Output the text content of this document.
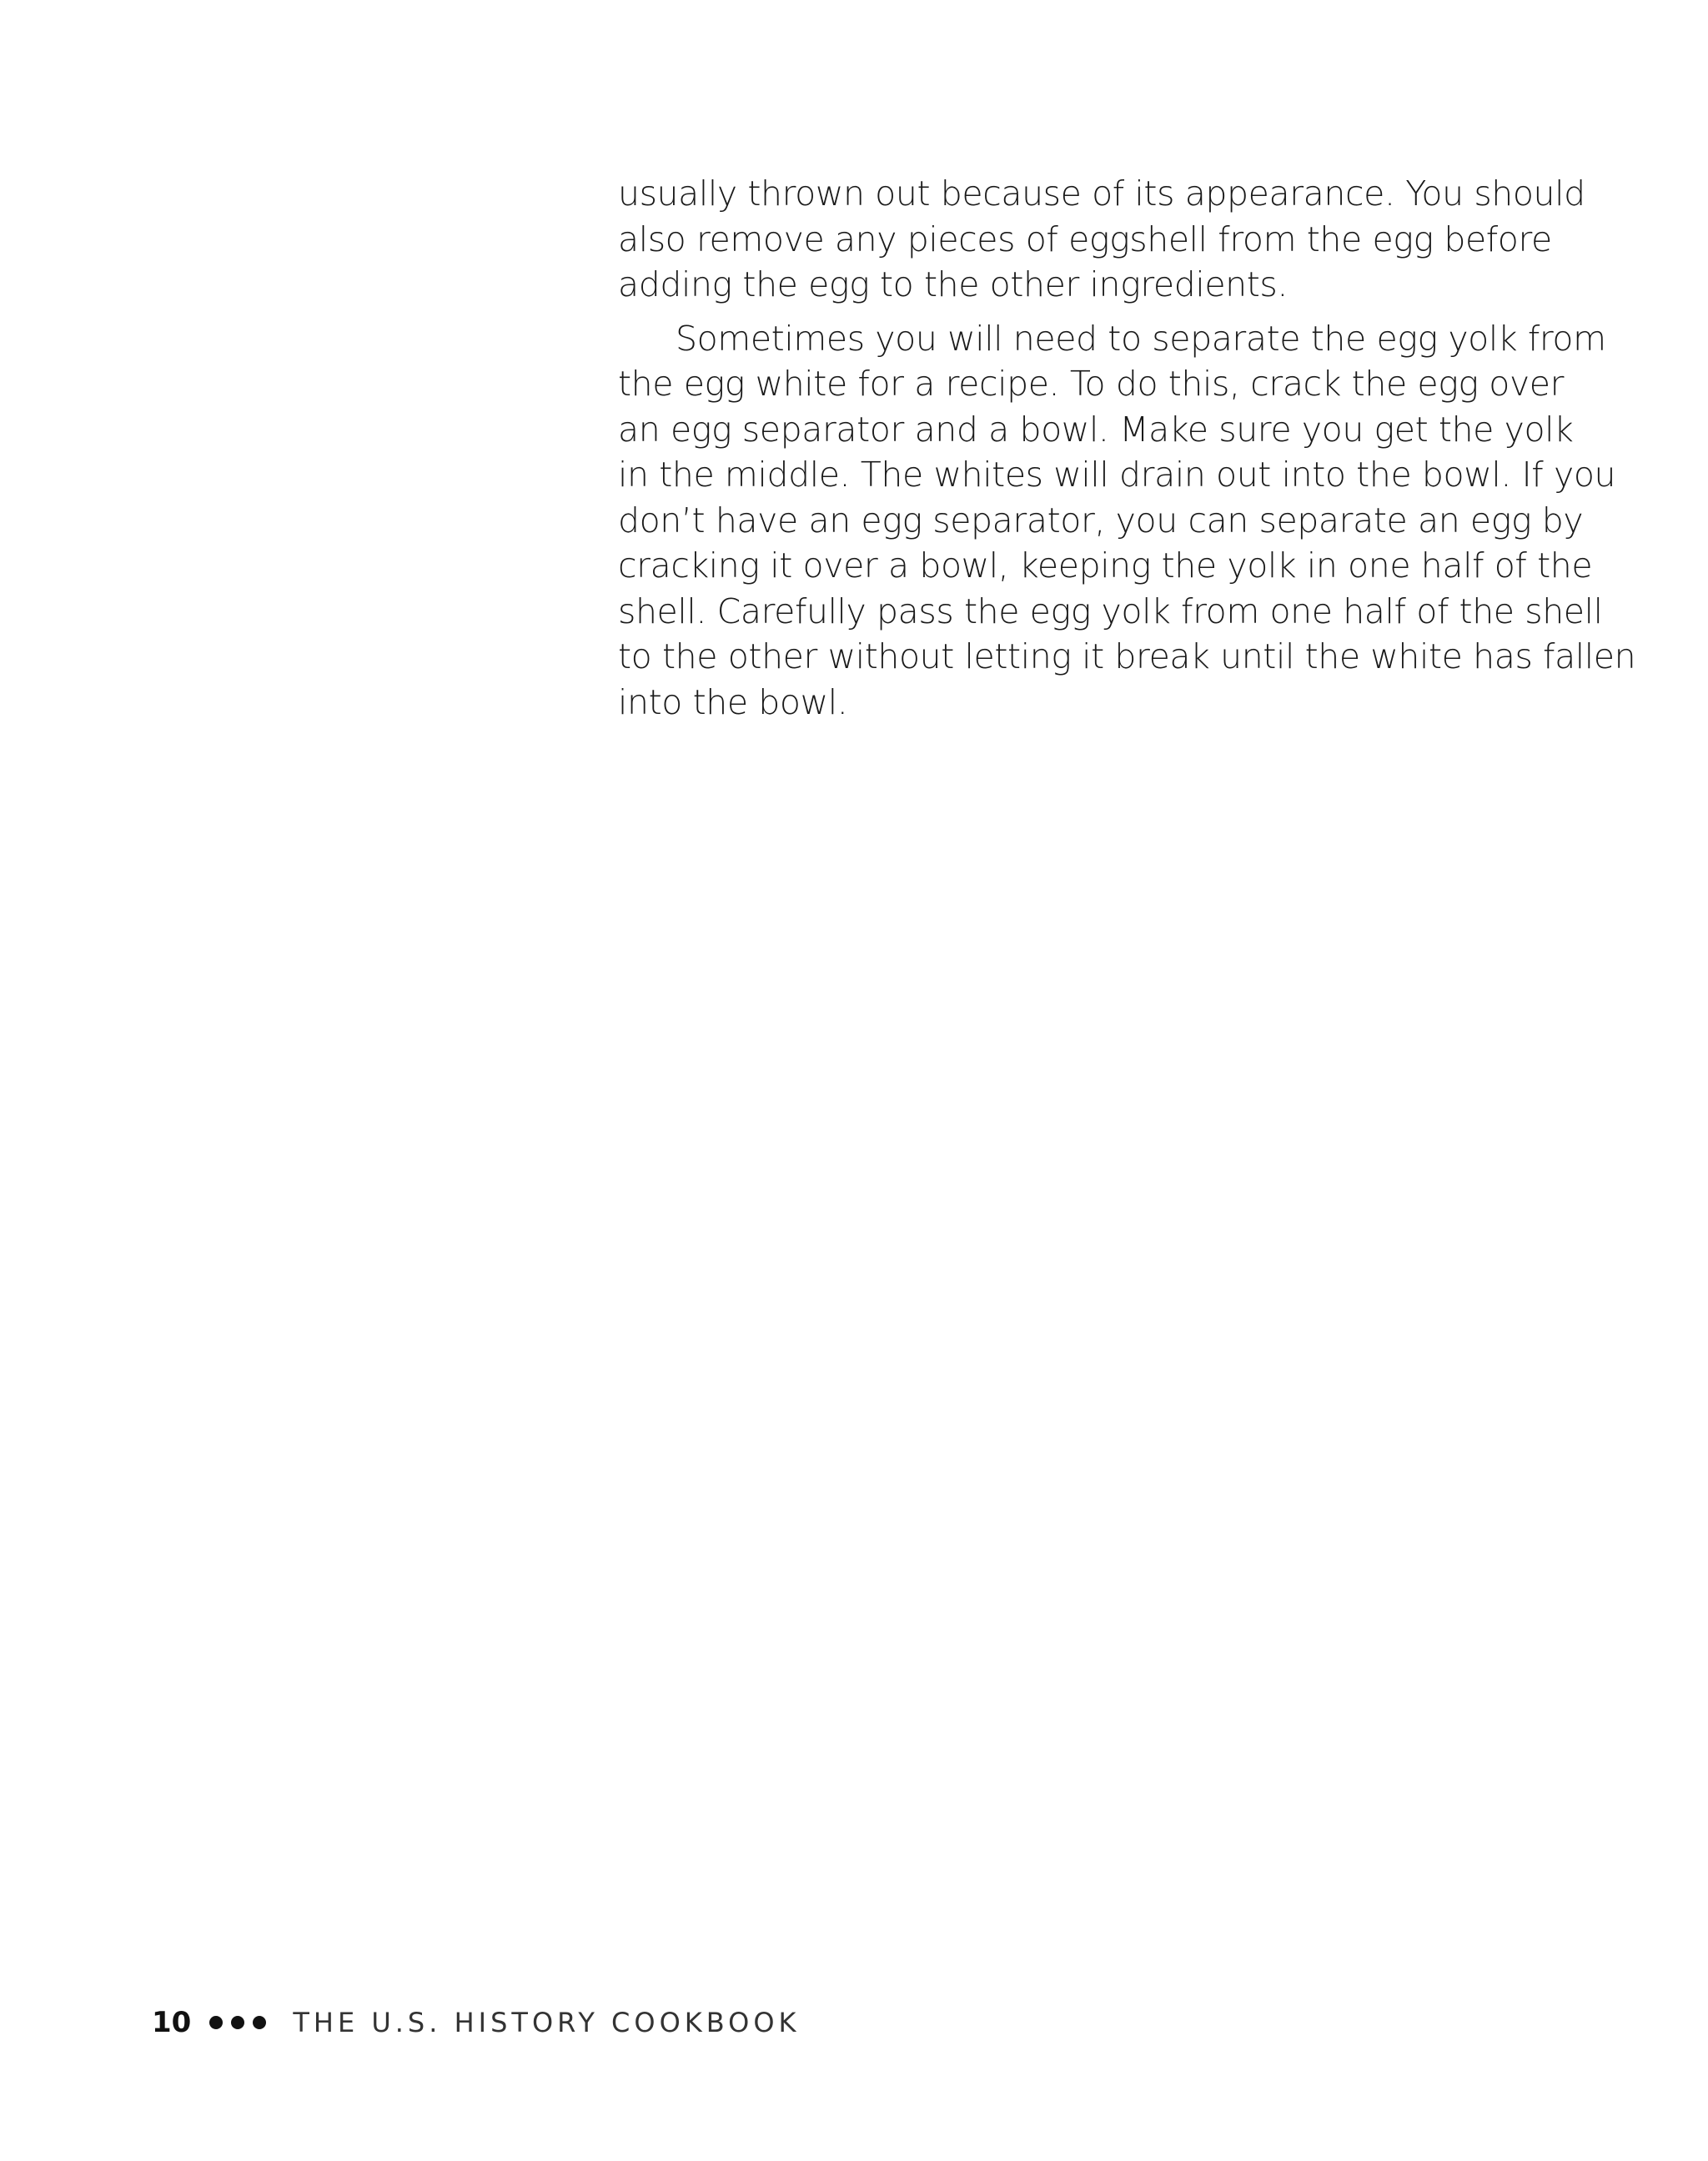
usually thrown out because of its appearance. You should
also remove any pieces of eggshell from the egg before
adding the egg to the other ingredients.
Sometimes you will need to separate the egg yolk from
the egg white for a recipe. To do this, crack the egg over
an egg separator and a bowl. Make sure you get the yolk
in the middle. The whites will drain out into the bowl. If you
don’t have an egg separator, you can separate an egg by
cracking it over a bowl, keeping the yolk in one half of the
shell. Carefully pass the egg yolk from one half of the shell
to the other without letting it break until the white has fallen
into the bowl.
10	THE U.S. HISTORY COOKBOOK
